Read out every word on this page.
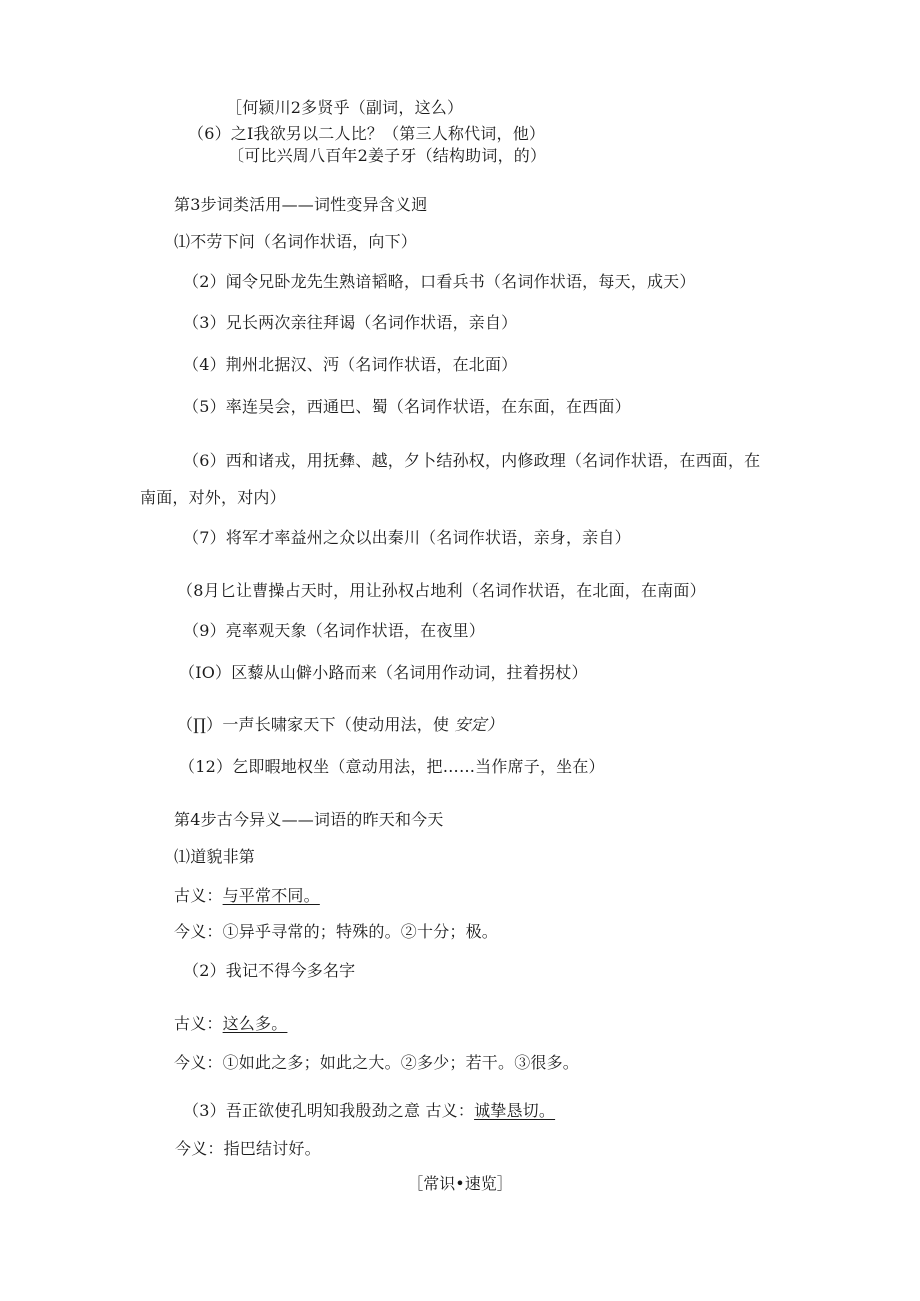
［何颍川2多贤乎（副词，这么）
（6）之I我欲另以二人比？（第三人称代词，他）
〔可比兴周八百年2姜子牙（结构助词，的）
第3步词类活用——词性变异含义迥
⑴不劳下问（名词作状语，向下）
（2）闻令兄卧龙先生熟谙韬略，口看兵书（名词作状语，每天，成天）
（3）兄长两次亲往拜谒（名词作状语，亲自）
（4）荆州北据汉、沔（名词作状语，在北面）
（5）率连吴会，西通巴、蜀（名词作状语，在东面，在西面）
（6）西和诸戎，用抚彝、越，夕卜结孙权，内修政理（名词作状语，在西面，在
南面，对外，对内）
（7）将军才率益州之众以出秦川（名词作状语，亲身，亲自）
（8月匕让曹操占天时，用让孙权占地利（名词作状语，在北面，在南面）
（9）亮率观天象（名词作状语，在夜里）
（IO）区藜从山僻小路而来（名词用作动词，拄着拐杖）
（∏）一声长啸家天下（使动用法，使 安定）
（12）乞即暇地权坐（意动用法，把……当作席子，坐在）
第4步古今异义——词语的昨天和今天
⑴道貌非第
古义：与平常不同。
今义：①异乎寻常的；特殊的。②十分；极。
（2）我记不得今多名字
古义：这么多。
今义：①如此之多；如此之大。②多少；若干。③很多。
（3）吾正欲使孔明知我殷劲之意 古义：诚挚恳切。
今义：指巴结讨好。
［常识•速览］
